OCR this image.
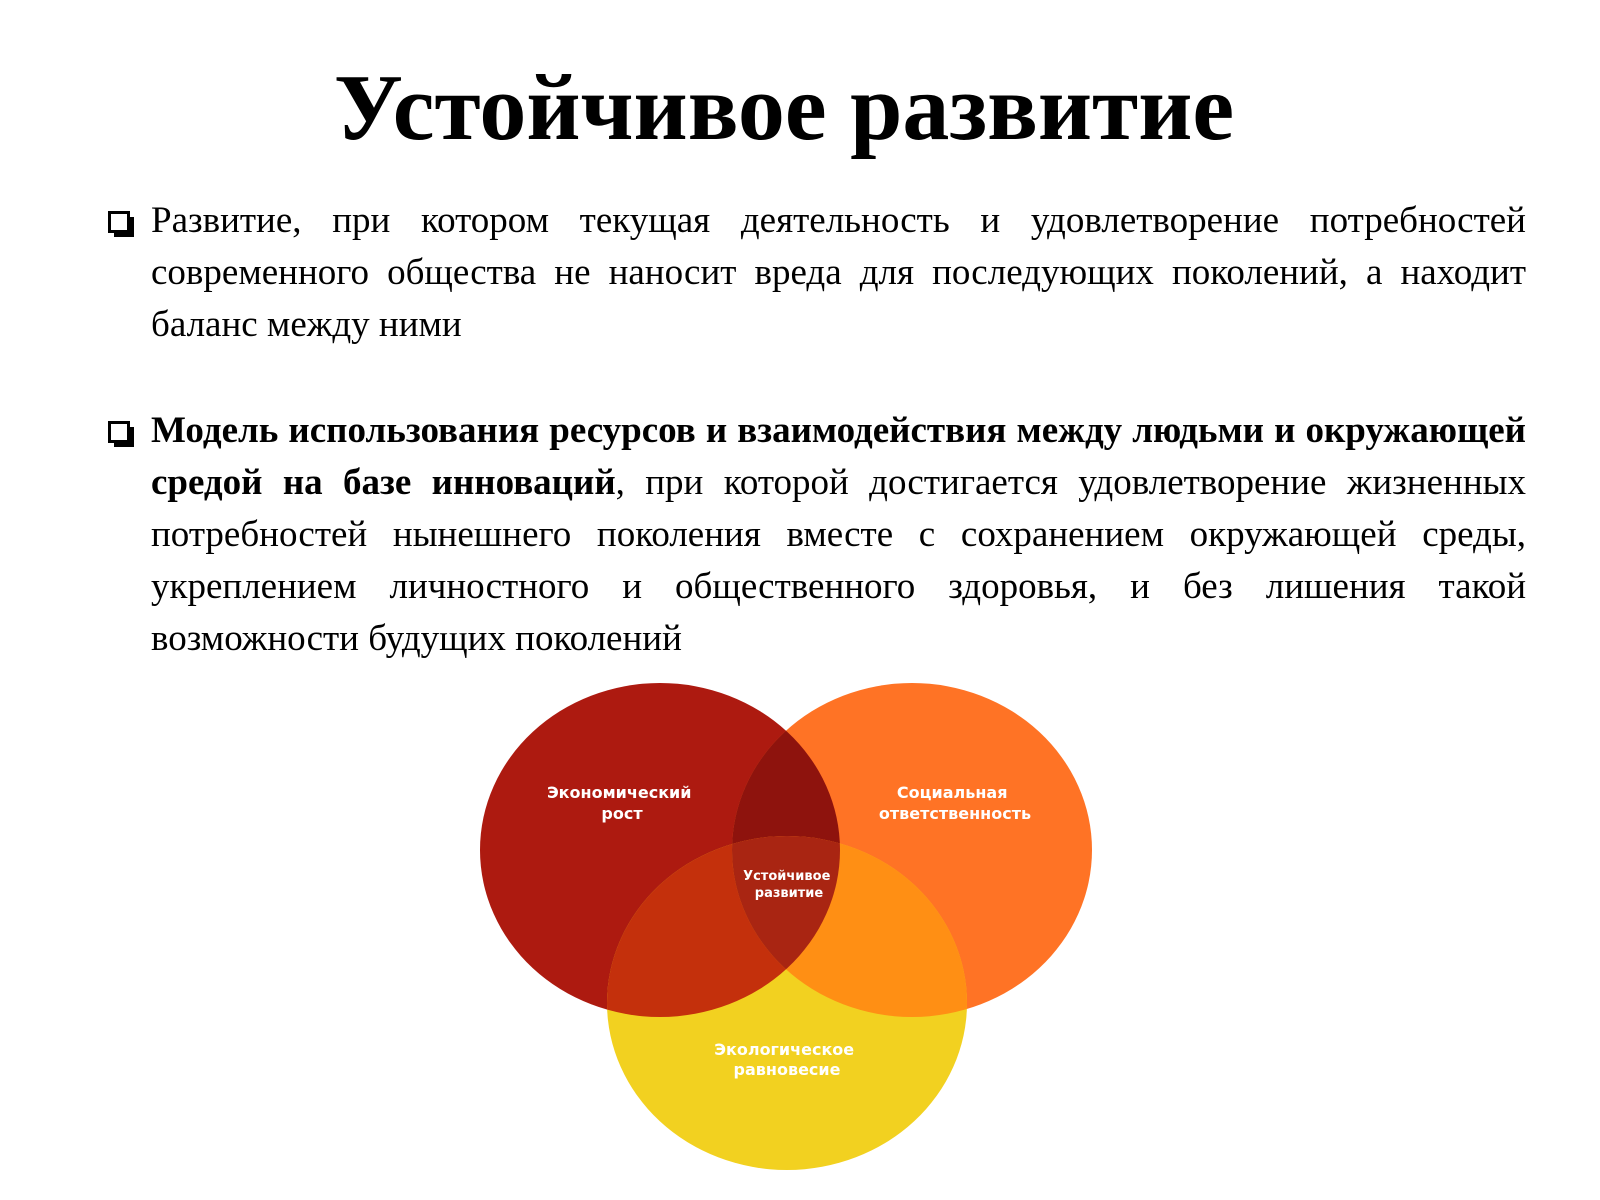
Устойчивое развитие
Развитие, при котором текущая деятельность и удовлетворение потребностей современного общества не наносит вреда для последующих поколений, а находит баланс между ними
Модель использования ресурсов и взаимодействия между людьми и окружающей средой на базе инноваций, при которой достигается удовлетворение жизненных потребностей нынешнего поколения вместе с сохранением окружающей среды, укреплением личностного и общественного здоровья, и без лишения такой возможности будущих поколений
Экономический рост
Социальная ответственность
Устойчивое развитие
Экологическое равновесие
